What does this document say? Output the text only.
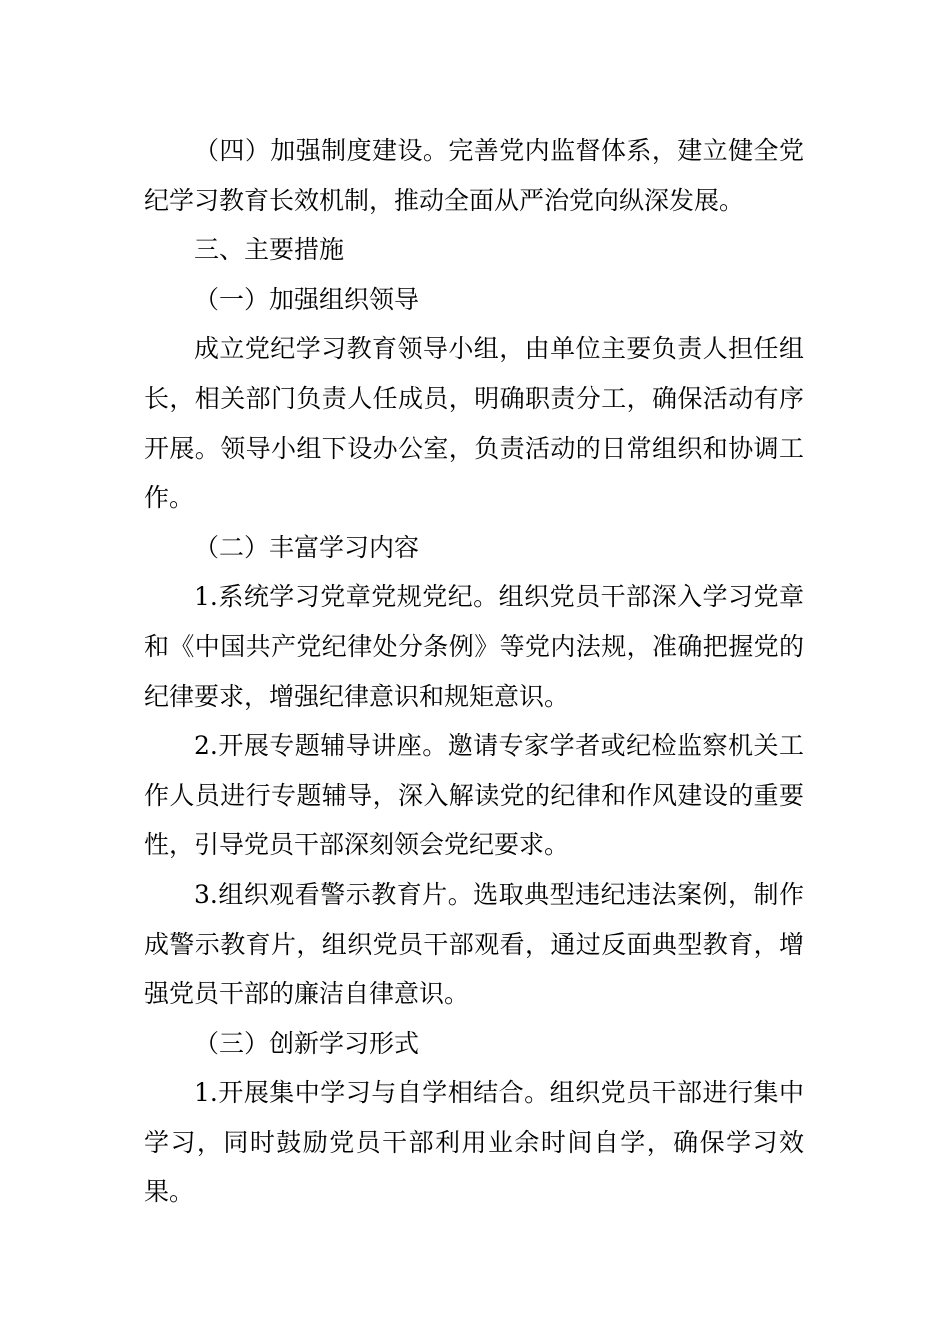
（四）加强制度建设。完善党内监督体系，建立健全党纪学习教育长效机制，推动全面从严治党向纵深发展。

三、主要措施

（一）加强组织领导

成立党纪学习教育领导小组，由单位主要负责人担任组长，相关部门负责人任成员，明确职责分工，确保活动有序开展。领导小组下设办公室，负责活动的日常组织和协调工作。

（二）丰富学习内容

1.系统学习党章党规党纪。组织党员干部深入学习党章和《中国共产党纪律处分条例》等党内法规，准确把握党的纪律要求，增强纪律意识和规矩意识。

2.开展专题辅导讲座。邀请专家学者或纪检监察机关工作人员进行专题辅导，深入解读党的纪律和作风建设的重要性，引导党员干部深刻领会党纪要求。

3.组织观看警示教育片。选取典型违纪违法案例，制作成警示教育片，组织党员干部观看，通过反面典型教育，增强党员干部的廉洁自律意识。

（三）创新学习形式

1.开展集中学习与自学相结合。组织党员干部进行集中学习，同时鼓励党员干部利用业余时间自学，确保学习效果。
